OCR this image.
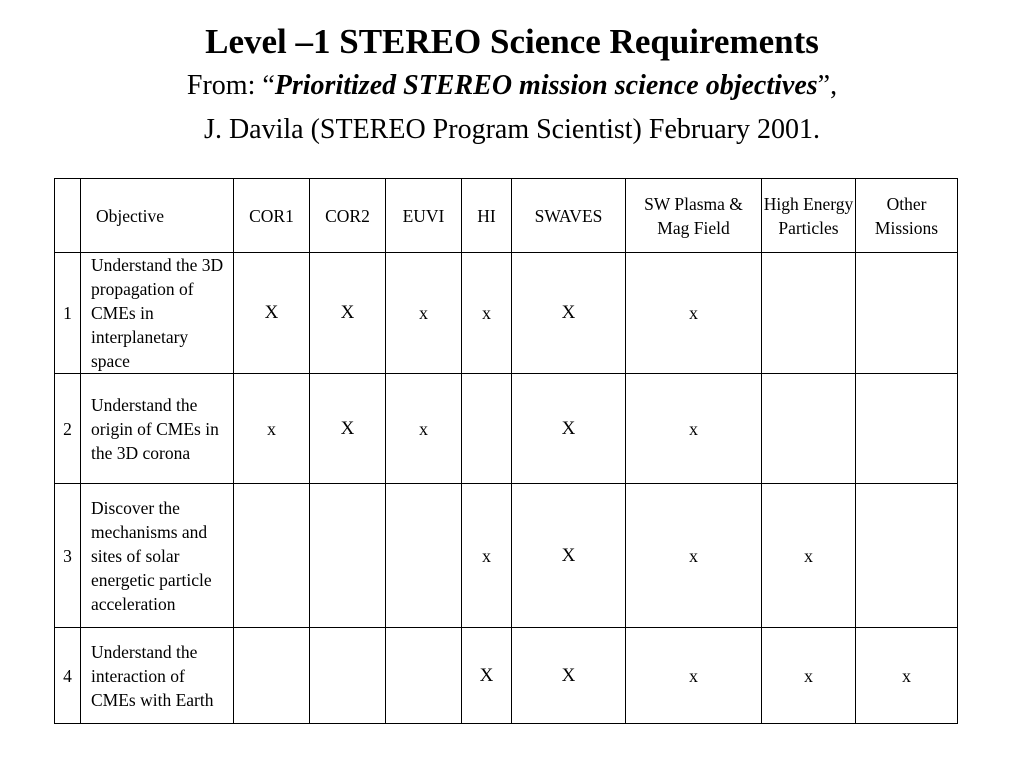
Level –1 STEREO Science Requirements
From: “Prioritized STEREO mission science objectives”,
J. Davila (STEREO Program Scientist) February 2001.
	Objective	COR1	COR2	EUVI	HI	SWAVES	SW Plasma & Mag Field	High Energy Particles	Other Missions
1	Understand the 3D propagation of CMEs in interplanetary space	X	X	x	x	X	x		
2	Understand the origin of CMEs in the 3D corona	x	X	x		X	x		
3	Discover the mechanisms and sites of solar energetic particle acceleration				x	X	x	x	
4	Understand the interaction of CMEs with Earth				X	X	x	x	x
